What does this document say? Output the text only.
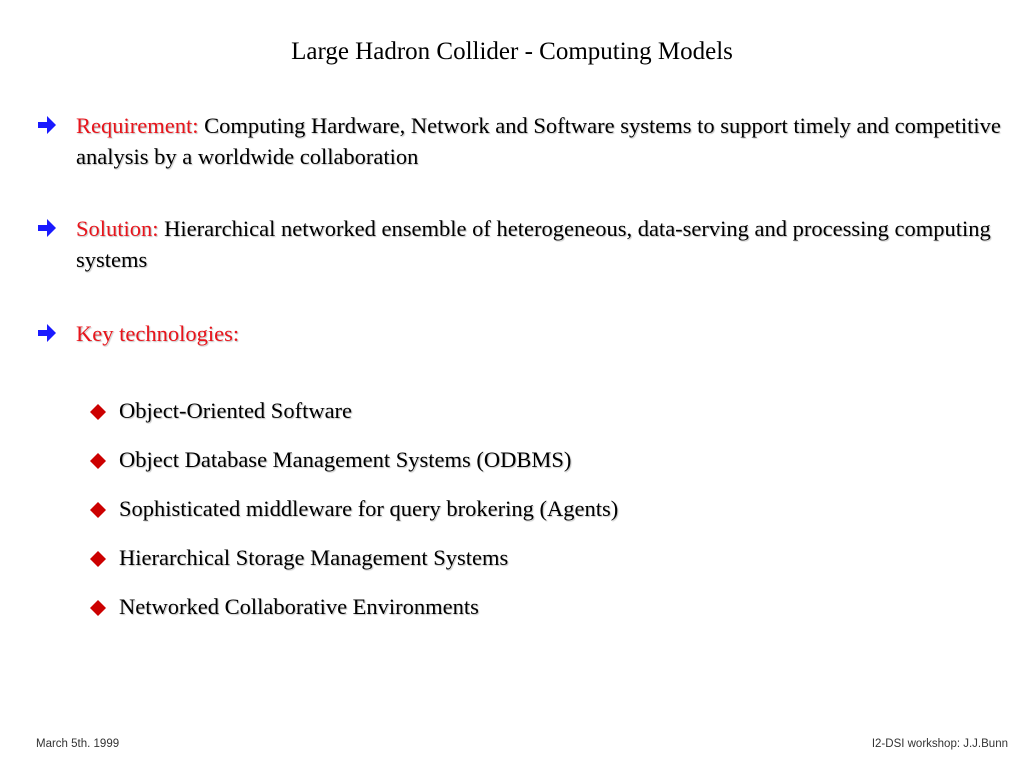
Large Hadron Collider - Computing Models
Requirement: Computing Hardware, Network and Software systems to support timely and competitive analysis by a worldwide collaboration
Solution: Hierarchical networked ensemble of heterogeneous, data-serving and processing computing systems
Key technologies:
Object-Oriented Software
Object Database Management Systems (ODBMS)
Sophisticated middleware for query brokering (Agents)
Hierarchical Storage Management Systems
Networked Collaborative Environments
March 5th. 1999	I2-DSI workshop: J.J.Bunn
